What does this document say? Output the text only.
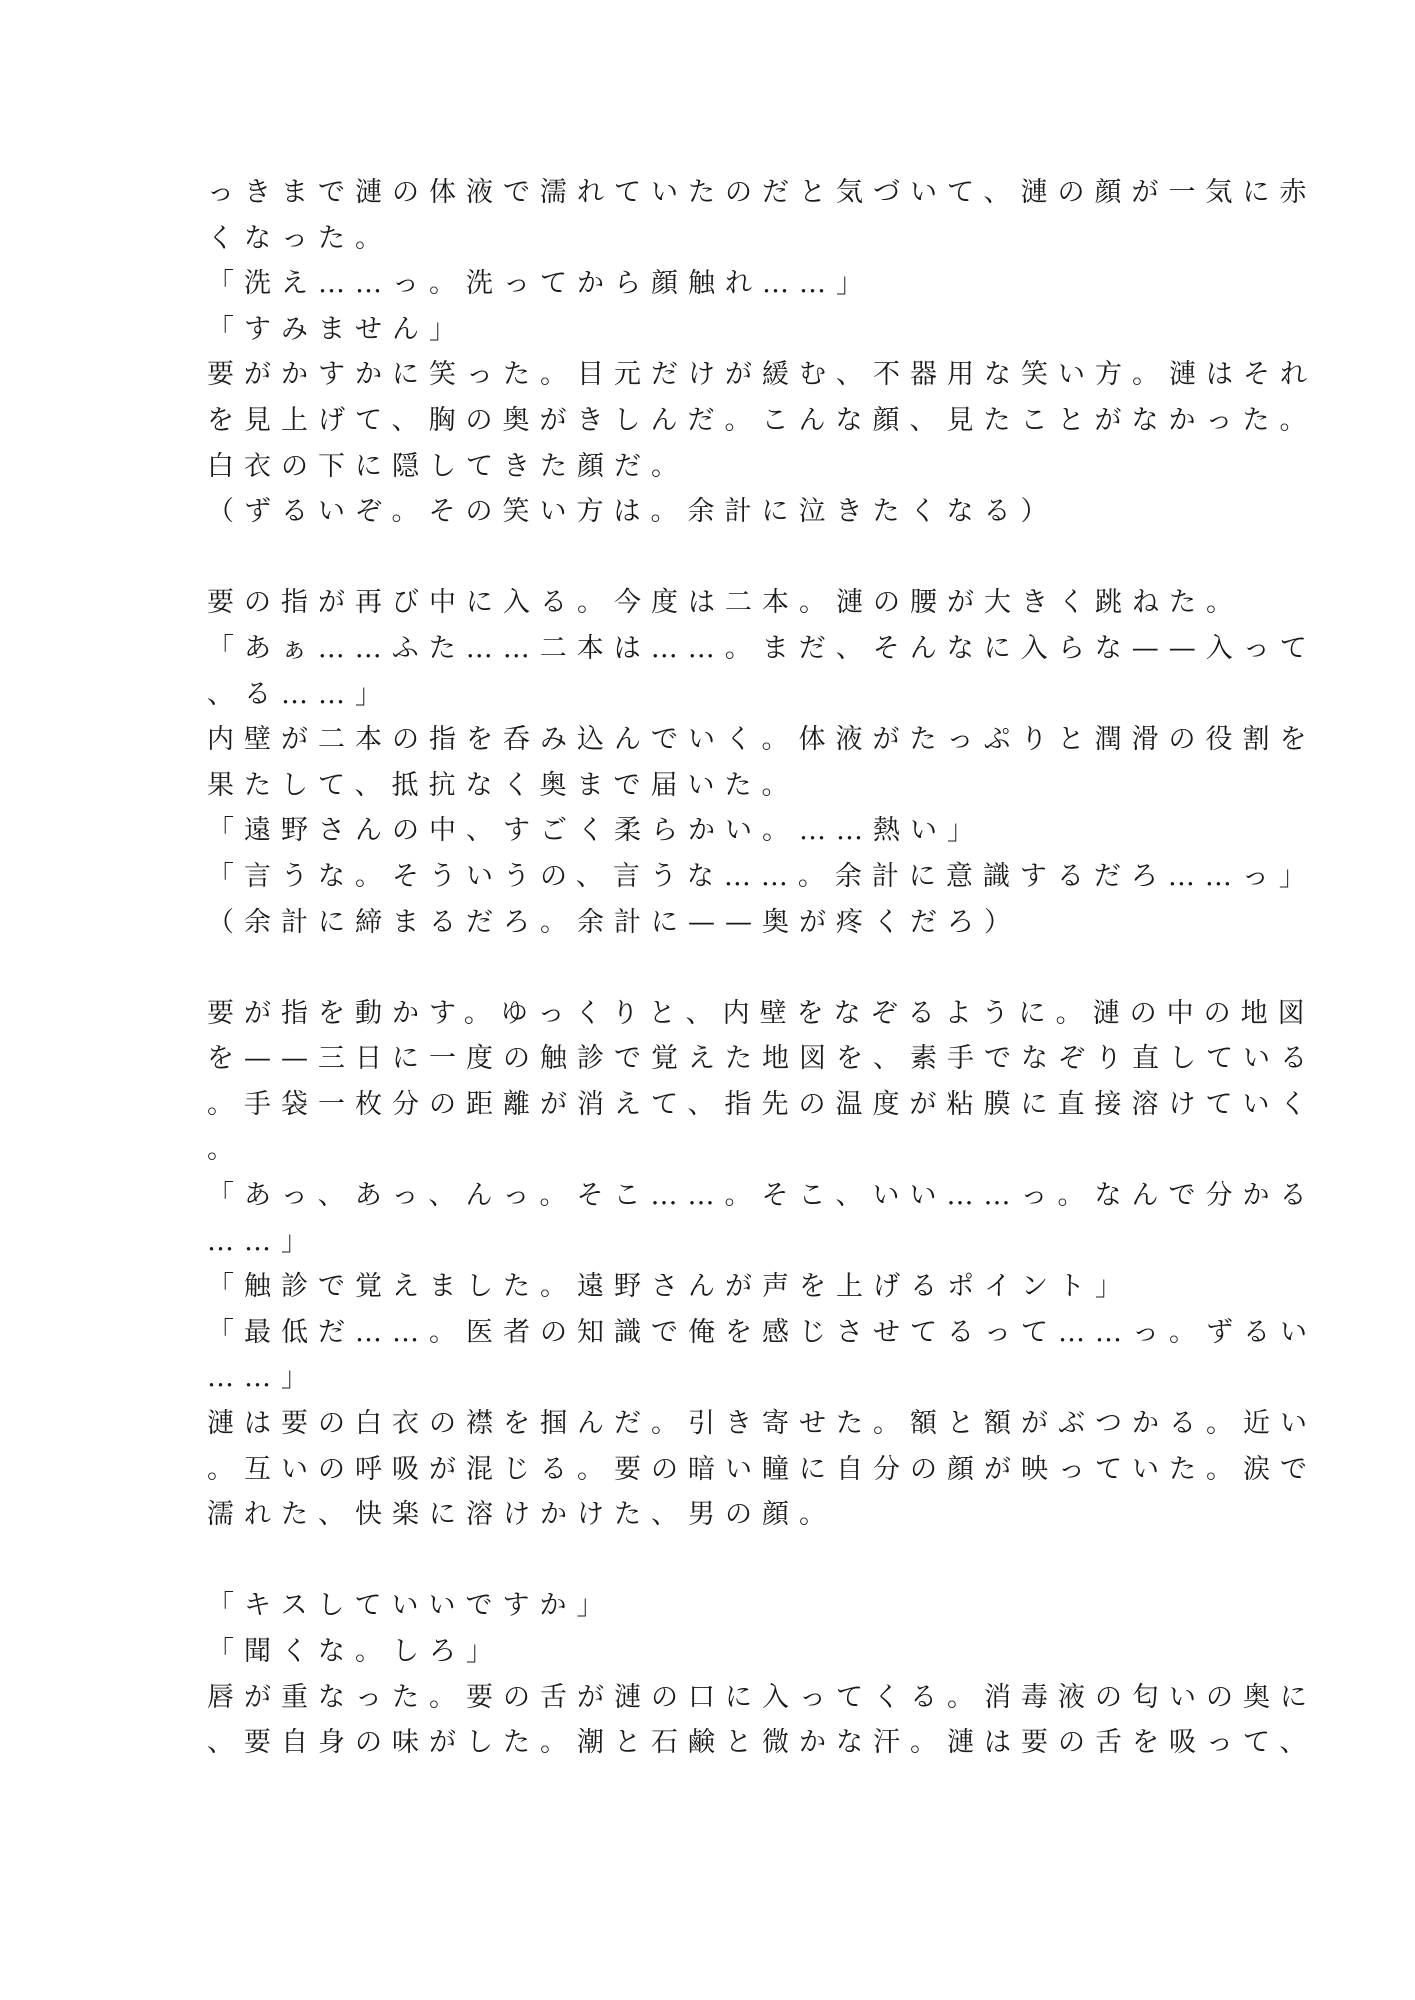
っきまで漣の体液で濡れていたのだと気づいて、漣の顔が一気に赤
くなった。
「洗え……っ。洗ってから顔触れ……」
「すみません」
要がかすかに笑った。目元だけが緩む、不器用な笑い方。漣はそれ
を見上げて、胸の奥がきしんだ。こんな顔、見たことがなかった。
白衣の下に隠してきた顔だ。
（ずるいぞ。その笑い方は。余計に泣きたくなる）
要の指が再び中に入る。今度は二本。漣の腰が大きく跳ねた。
「あぁ……ふた……二本は……。まだ、そんなに入らな——入って
、る……」
内壁が二本の指を呑み込んでいく。体液がたっぷりと潤滑の役割を
果たして、抵抗なく奥まで届いた。
「遠野さんの中、すごく柔らかい。……熱い」
「言うな。そういうの、言うな……。余計に意識するだろ……っ」
（余計に締まるだろ。余計に——奥が疼くだろ）
要が指を動かす。ゆっくりと、内壁をなぞるように。漣の中の地図
を——三日に一度の触診で覚えた地図を、素手でなぞり直している
。手袋一枚分の距離が消えて、指先の温度が粘膜に直接溶けていく
。
「あっ、あっ、んっ。そこ……。そこ、いい……っ。なんで分かる
……」
「触診で覚えました。遠野さんが声を上げるポイント」
「最低だ……。医者の知識で俺を感じさせてるって……っ。ずるい
……」
漣は要の白衣の襟を掴んだ。引き寄せた。額と額がぶつかる。近い
。互いの呼吸が混じる。要の暗い瞳に自分の顔が映っていた。涙で
濡れた、快楽に溶けかけた、男の顔。
「キスしていいですか」
「聞くな。しろ」
唇が重なった。要の舌が漣の口に入ってくる。消毒液の匂いの奥に
、要自身の味がした。潮と石鹸と微かな汗。漣は要の舌を吸って、
